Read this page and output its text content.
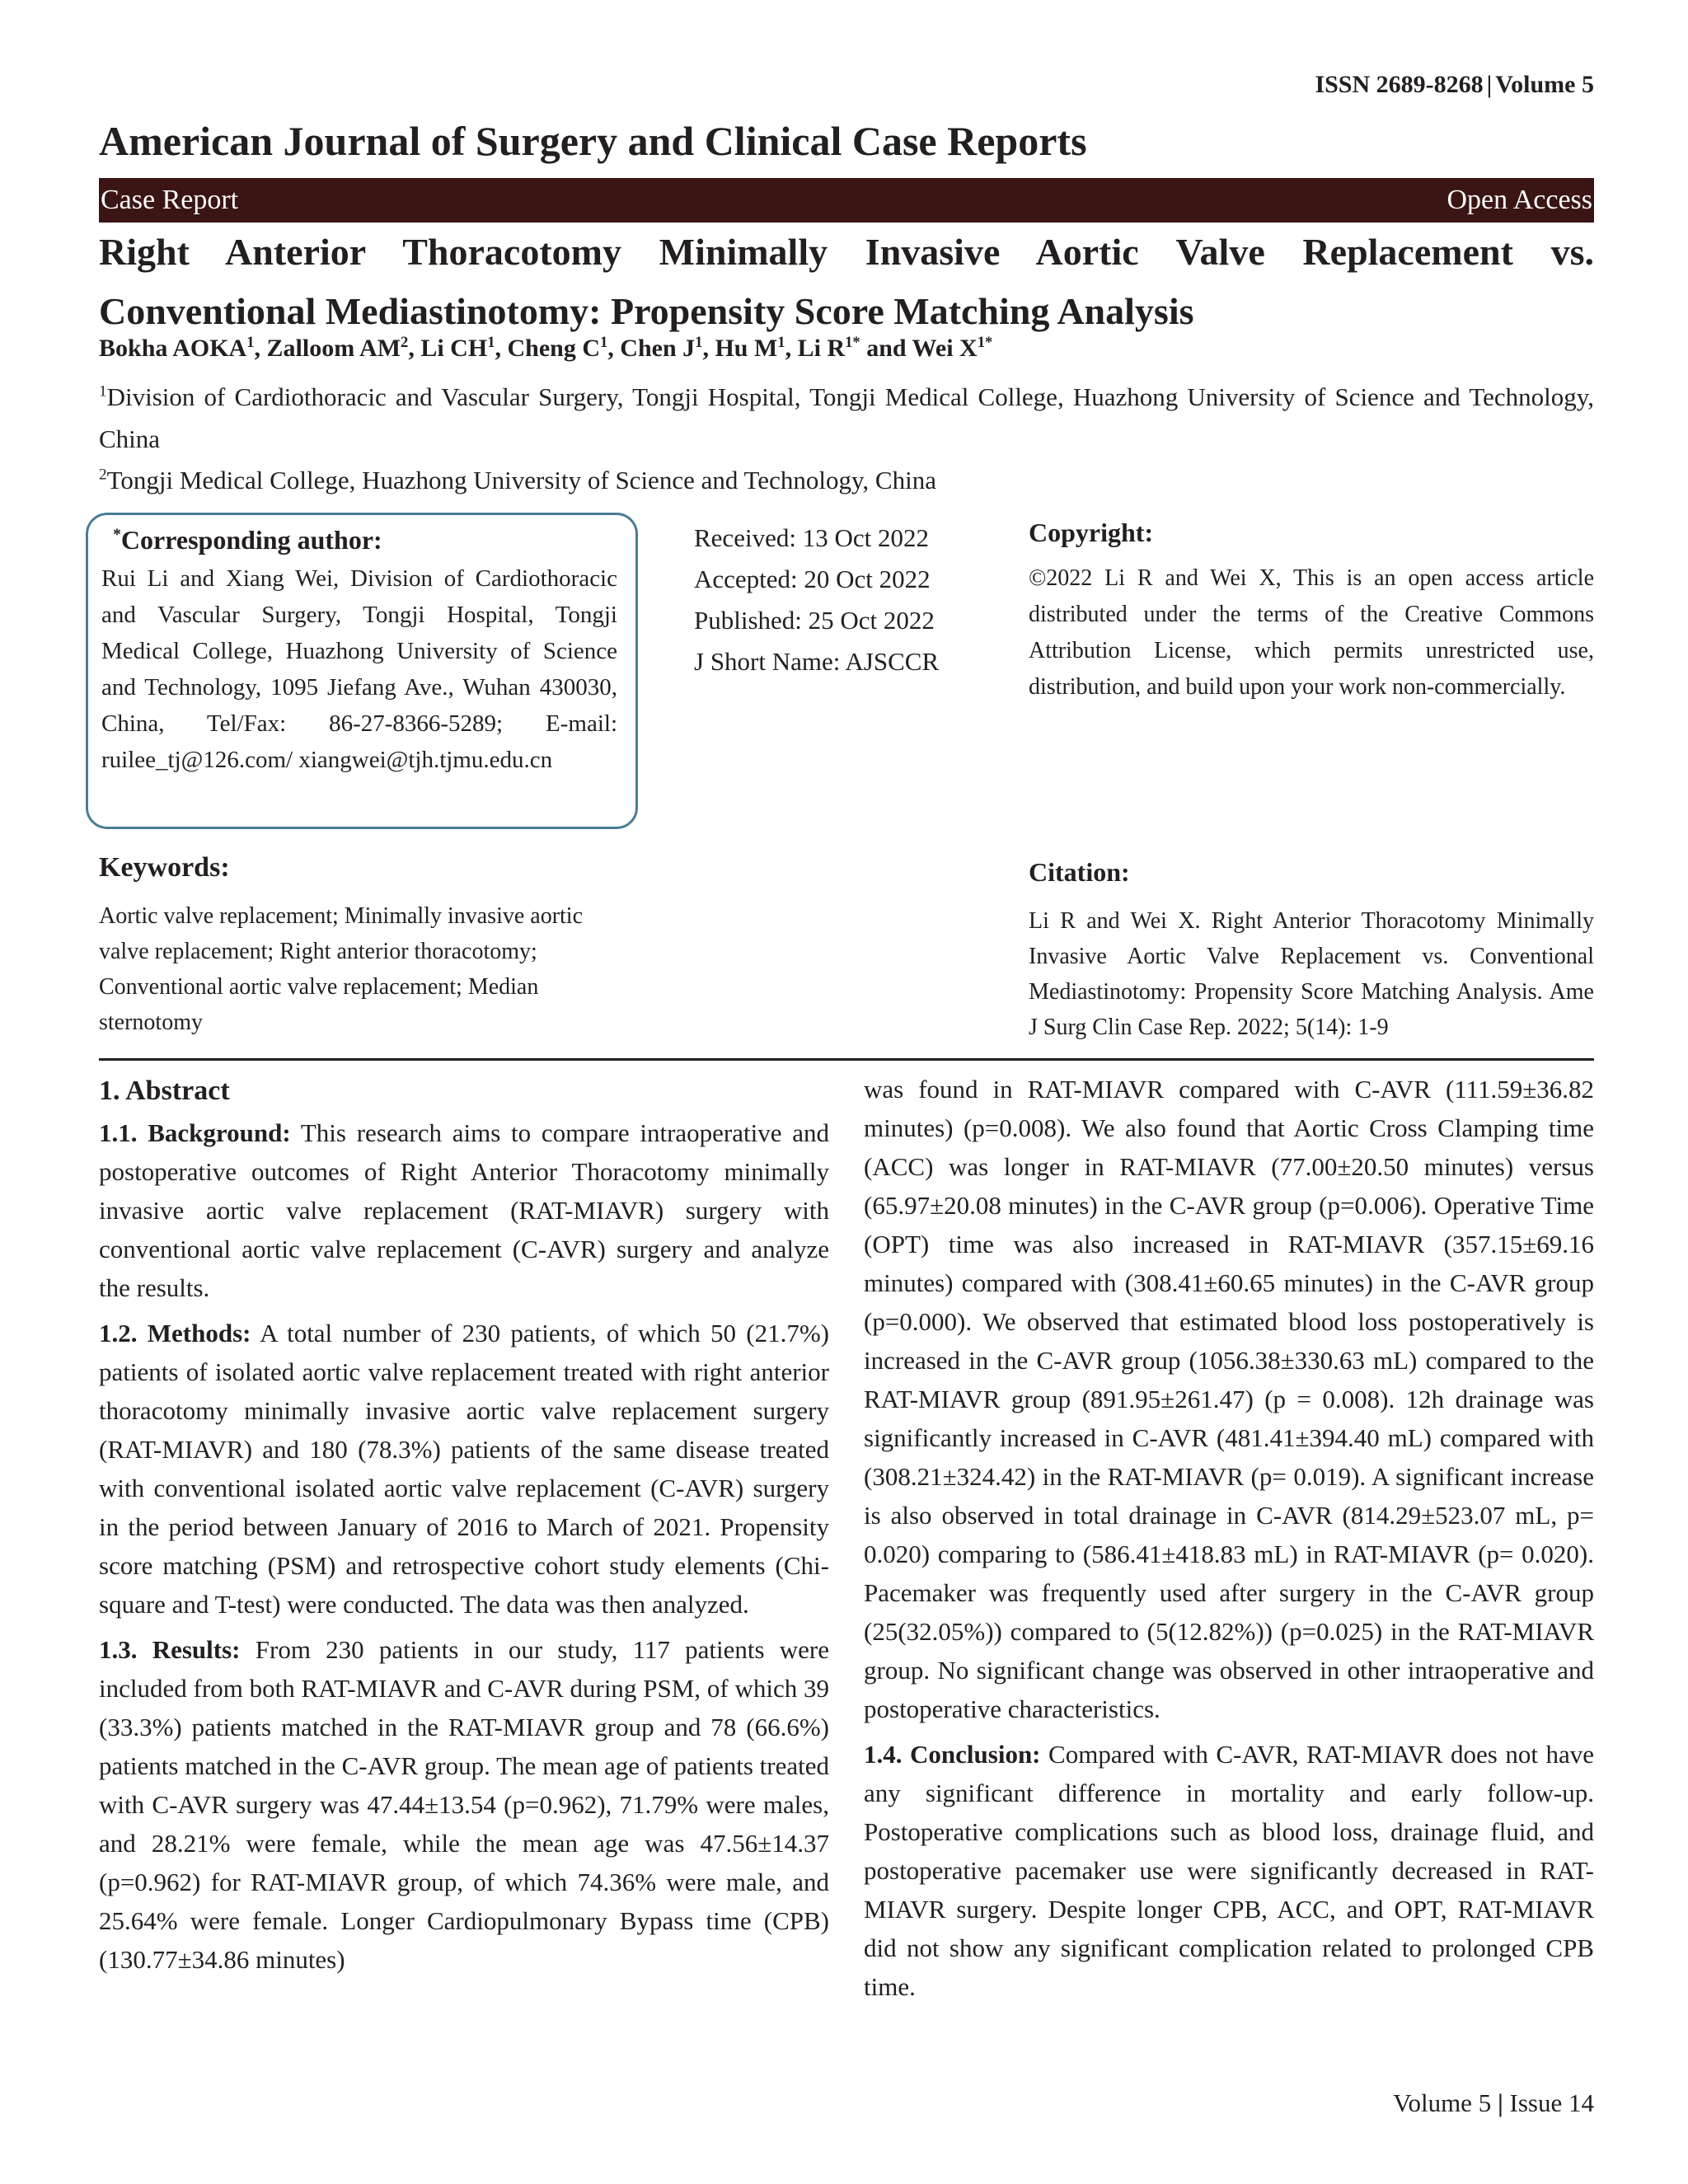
ISSN 2689-8268 | Volume 5
American Journal of Surgery and Clinical Case Reports
Case Report	Open Access
Right Anterior Thoracotomy Minimally Invasive Aortic Valve Replacement vs. Conventional Mediastinotomy: Propensity Score Matching Analysis
Bokha AOKA$^1$, Zalloom $AM^2$, Li $CH^1$, Cheng $C^1$, Chen $J^1$, Hu $M^1$, Li $R^{1*}$ and Wei $X^{1*}$
$^1$Division of Cardiothoracic and Vascular Surgery, Tongji Hospital, Tongji Medical College, Huazhong University of Science and Technology, China
$^2$Tongji Medical College, Huazhong University of Science and Technology, China
*Corresponding author:
Rui Li and Xiang Wei, Division of Cardiothoracic and Vascular Surgery, Tongji Hospital, Tongji Medical College, Huazhong University of Science and Technology, 1095 Jiefang Ave., Wuhan 430030, China, Tel/Fax: 86-27-8366-5289; E-mail: ruilee_tj@126.com/ xiangwei@tjh.tjmu.edu.cn
Received: 13 Oct 2022
Accepted: 20 Oct 2022
Published: 25 Oct 2022
J Short Name: AJSCCR
Copyright:
©2022 Li R and Wei X, This is an open access article distributed under the terms of the Creative Commons Attribution License, which permits unrestricted use, distribution, and build upon your work non-commercially.
Keywords:
Aortic valve replacement; Minimally invasive aortic valve replacement; Right anterior thoracotomy; Conventional aortic valve replacement; Median sternotomy
Citation:
Li R and Wei X. Right Anterior Thoracotomy Minimally Invasive Aortic Valve Replacement vs. Conventional Mediastinotomy: Propensity Score Matching Analysis. Ame J Surg Clin Case Rep. 2022; 5(14): 1-9
1. Abstract

1.1. Background: This research aims to compare intraoperative and postoperative outcomes of Right Anterior Thoracotomy minimally invasive aortic valve replacement (RAT-MIAVR) surgery with conventional aortic valve replacement (C-AVR) surgery and analyze the results.

1.2. Methods: A total number of 230 patients, of which 50 (21.7%) patients of isolated aortic valve replacement treated with right anterior thoracotomy minimally invasive aortic valve replacement surgery (RAT-MIAVR) and 180 (78.3%) patients of the same disease treated with conventional isolated aortic valve replacement (C-AVR) surgery in the period between January of 2016 to March of 2021. Propensity score matching (PSM) and retrospective cohort study elements (Chi-square and T-test) were conducted. The data was then analyzed.

1.3. Results: From 230 patients in our study, 117 patients were included from both RAT-MIAVR and C-AVR during PSM, of which 39 (33.3%) patients matched in the RAT-MIAVR group and 78 (66.6%) patients matched in the C-AVR group. The mean age of patients treated with C-AVR surgery was 47.44±13.54 (p=0.962), 71.79% were males, and 28.21% were female, while the mean age was 47.56±14.37 (p=0.962) for RAT-MIAVR group, of which 74.36% were male, and 25.64% were female. Longer Cardiopulmonary Bypass time (CPB) (130.77±34.86 minutes)

was found in RAT-MIAVR compared with C-AVR (111.59±36.82 minutes) (p=0.008). We also found that Aortic Cross Clamping time (ACC) was longer in RAT-MIAVR (77.00±20.50 minutes) versus (65.97±20.08 minutes) in the C-AVR group (p=0.006). Operative Time (OPT) time was also increased in RAT-MIAVR (357.15±69.16 minutes) compared with (308.41±60.65 minutes) in the C-AVR group (p=0.000). We observed that estimated blood loss postoperatively is increased in the C-AVR group (1056.38±330.63 mL) compared to the RAT-MIAVR group (891.95±261.47) (p = 0.008). 12h drainage was significantly increased in C-AVR (481.41±394.40 mL) compared with (308.21±324.42) in the RAT-MIAVR (p= 0.019). A significant increase is also observed in total drainage in C-AVR (814.29±523.07 mL, p= 0.020) comparing to (586.41±418.83 mL) in RAT-MIAVR (p= 0.020). Pacemaker was frequently used after surgery in the C-AVR group (25(32.05%)) compared to (5(12.82%)) (p=0.025) in the RAT-MIAVR group. No significant change was observed in other intraoperative and postoperative characteristics.

1.4. Conclusion: Compared with C-AVR, RAT-MIAVR does not have any significant difference in mortality and early follow-up. Postoperative complications such as blood loss, drainage fluid, and postoperative pacemaker use were significantly decreased in RAT-MIAVR surgery. Despite longer CPB, ACC, and OPT, RAT-MIAVR did not show any significant complication related to prolonged CPB time.

Volume 5 | Issue 14
